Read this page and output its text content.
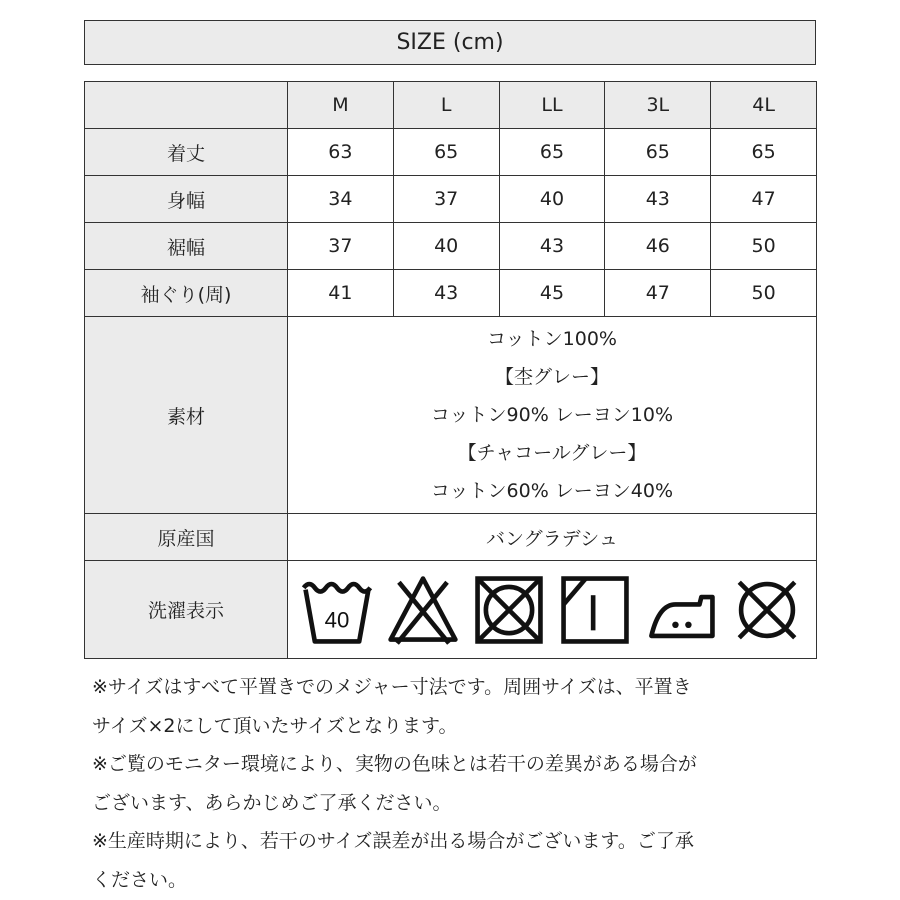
SIZE (cm)
	M	L	LL	3L	4L
着丈	63	65	65	65	65
身幅	34	37	40	43	47
裾幅	37	40	43	46	50
袖ぐり(周)	41	43	45	47	50
素材	コットン100%
【杢グレー】
コットン90% レーヨン10%
【チャコールグレー】
コットン60% レーヨン40%				

原産国	バングラデシュ				
洗濯表示	40				

※サイズはすべて平置きでのメジャー寸法です。周囲サイズは、平置き

サイズ×2にして頂いたサイズとなります。

※ご覧のモニター環境により、実物の色味とは若干の差異がある場合が

ございます、あらかじめご了承ください。

※生産時期により、若干のサイズ誤差が出る場合がございます。ご了承

ください。
